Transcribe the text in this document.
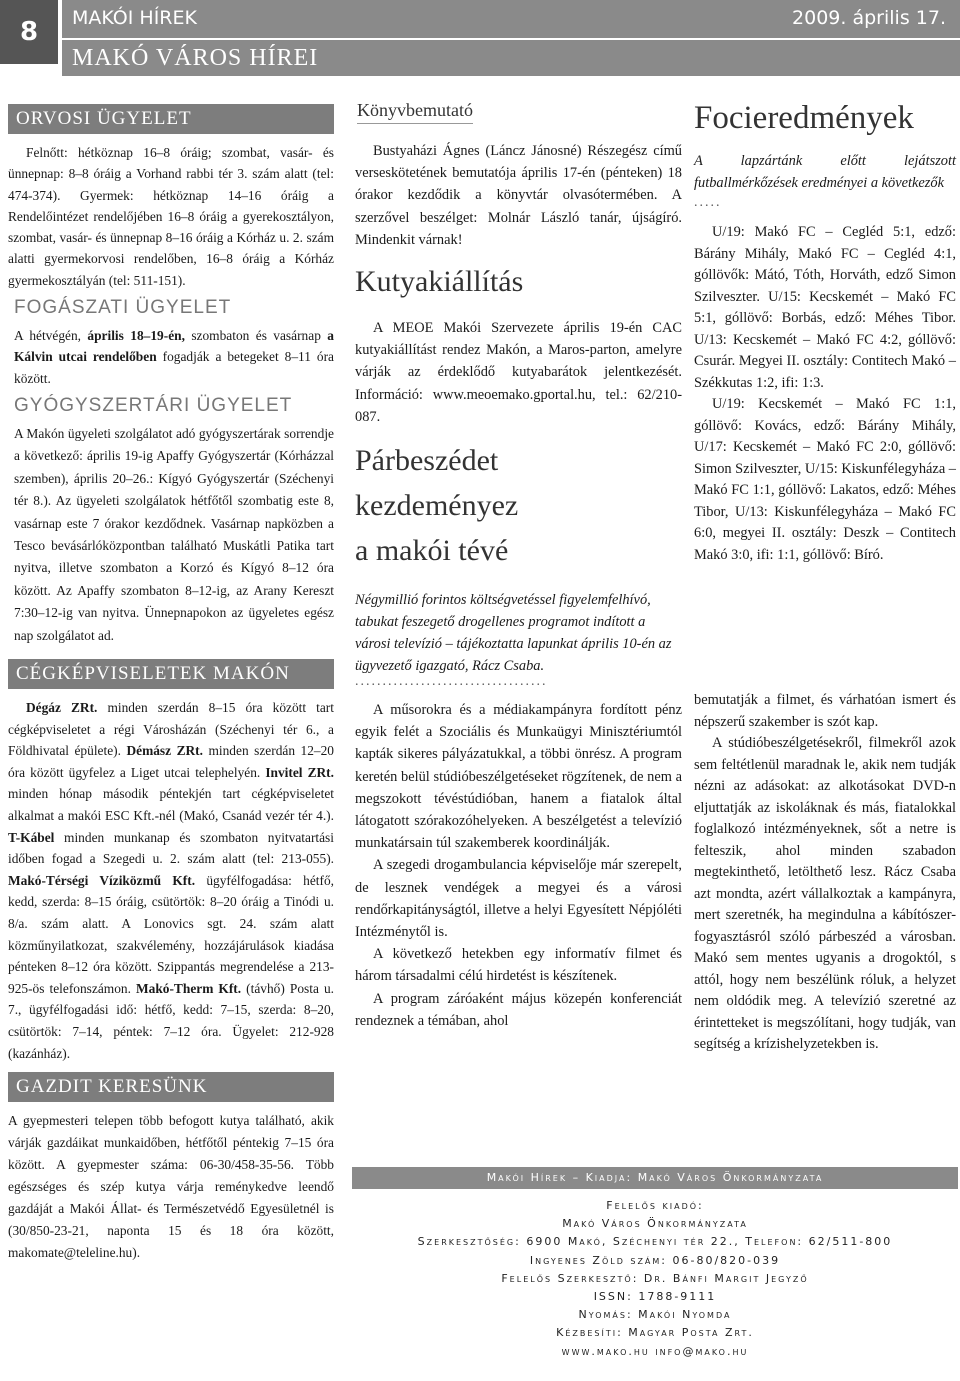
8	MAKÓI HÍREK	2009. április 17.
MAKÓ VÁROS HÍREI
ORVOSI ÜGYELET

Felnőtt: hétköznap 16–8 óráig; szombat, vasár- és ünnepnap: 8–8 óráig a Vorhand rabbi tér 3. szám alatt (tel: 474-374). Gyermek: hétköznap 14–16 óráig a Rendelőintézet rendelőjében 16–8 óráig a gyerekosztályon, szombat, vasár- és ünnepnap 8–16 óráig a Kórház u. 2. szám alatti gyermekorvosi rendelőben, 16–8 óráig a Kórház gyermekosztályán (tel: 511-151).

FOGÁSZATI ÜGYELET

A hétvégén, április 18–19-én, szombaton és vasárnap a Kálvin utcai rendelőben fogadják a betegeket 8–11 óra között.

GYÓGYSZERTÁRI ÜGYELET

A Makón ügyeleti szolgálatot adó gyógyszertárak sorrendje a következő: április 19-ig Apaffy Gyógyszertár (Kórházzal szemben), április 20–26.: Kígyó Gyógyszertár (Széchenyi tér 8.). Az ügyeleti szolgálatok hétfőtől szombatig este 8, vasárnap este 7 órakor kezdődnek. Vasárnap napközben a Tesco bevásárlóközpontban található Muskátli Patika tart nyitva, illetve szombaton a Korzó és Kígyó 8–12 óra között. Az Apaffy szombaton 8–12-ig, az Arany Kereszt 7:30–12-ig van nyitva. Ünnepnapokon az ügyeletes egész nap szolgálatot ad.

CÉGKÉPVISELETEK MAKÓN

Dégáz ZRt. minden szerdán 8–15 óra között tart cégképviseletet a régi Városházán (Széchenyi tér 6., a Földhivatal épülete). Démász ZRt. minden szerdán 12–20 óra között ügyfelez a Liget utcai telephelyén. Invitel ZRt. minden hónap második péntekjén tart cégképviseletet alkalmat a makói ESC Kft.-nél (Makó, Csanád vezér tér 4.). T-Kábel minden munkanap és szombaton nyitvatartási időben fogad a Szegedi u. 2. szám alatt (tel: 213-055). Makó-Térségi Víziközmű Kft. ügyfélfogadása: hétfő, kedd, szerda: 8–15 óráig, csütörtök: 8–20 óráig a Tinódi u. 8/a. szám alatt. A Lonovics sgt. 24. szám alatt közműnyilatkozat, szakvélemény, hozzájárulások kiadása pénteken 8–12 óra között. Szippantás megrendelése a 213-925-ös telefonszámon. Makó-Therm Kft. (távhő) Posta u. 7., ügyfélfogadási idő: hétfő, kedd: 7–15, szerda: 8–20, csütörtök: 7–14, péntek: 7–12 óra. Ügyelet: 212-928 (kazánház).

GAZDIT KERESÜNK

A gyepmesteri telepen több befogott kutya található, akik várják gazdáikat munkaidőben, hétfőtől péntekig 7–15 óra között. A gyepmester száma: 06-30/458-35-56. Több egészséges és szép kutya várja reménykedve leendő gazdáját a Makói Állat- és Természetvédő Egyesületnél is (30/850-23-21, naponta 15 és 18 óra között, makomate@teleline.hu).

Könyvbemutató

Bustyaházi Ágnes (Láncz Jánosné) Részegész című verseskötetének bemutatója április 17-én (pénteken) 18 órakor kezdődik a könyvtár olvasótermében. A szerzővel beszélget: Molnár László tanár, újságíró. Mindenkit várnak!

Kutyakiállítás

A MEOE Makói Szervezete április 19-én CAC kutyakiállítást rendez Makón, a Maros-parton, amelyre várják az érdeklődő kutyabarátok jelentkezését. Információ: www.meoemako.gportal.hu, tel.: 62/210-087.

Párbeszédet
kezdeményez
a makói tévé

Négymillió forintos költségvetéssel figyelemfelhívó, tabukat feszegető drogellenes programot indított a városi televízió – tájékoztatta lapunkat április 10-én az ügyvezető igazgató, Rácz Csaba.

...................................

A műsorokra és a médiakampányra fordított pénz egyik felét a Szociális és Munkaügyi Minisztériumtól kapták sikeres pályázatukkal, a többi önrész. A program keretén belül stúdióbeszélgetéseket rögzítenek, de nem a megszokott tévéstúdióban, hanem a fiatalok által látogatott szórakozóhelyeken. A beszélgetést a televízió munkatársain túl szakemberek koordinálják.

A szegedi drogambulancia képviselője már szerepelt, de lesznek vendégek a megyei és a városi rendőrkapitányságtól, illetve a helyi Egyesített Népjóléti Intézménytől is.

A következő hetekben egy informatív filmet és három társadalmi célú hirdetést is készítenek.

A program záróaként május közepén konferenciát rendeznek a témában, ahol

Focieredmények

A lapzártánk előtt lejátszott futballmérkőzések eredményei a következők

.....

U/19: Makó FC – Cegléd 5:1, edző: Bárány Mihály, Makó FC – Cegléd 4:1, góllövők: Mátó, Tóth, Horváth, edző Simon Szilveszter. U/15: Kecskemét – Makó FC 5:1, góllövő: Borbás, edző: Méhes Tibor. U/13: Kecskemét – Makó FC 4:2, góllövő: Csurár. Megyei II. osztály: Contitech Makó – Székkutas 1:2, ifi: 1:3.

U/19: Kecskemét – Makó FC 1:1, góllövő: Kovács, edző: Bárány Mihály, U/17: Kecskemét – Makó FC 2:0, góllövő: Simon Szilveszter, U/15: Kiskunfélegyháza – Makó FC 1:1, góllövő: Lakatos, edző: Méhes Tibor, U/13: Kiskunfélegyháza – Makó FC 6:0, megyei II. osztály: Deszk – Contitech Makó 3:0, ifi: 1:1, góllövő: Bíró.

bemutatják a filmet, és várhatóan ismert és népszerű szakember is szót kap.

A stúdióbeszélgetésekről, filmekről azok sem feltétlenül maradnak le, akik nem tudják nézni az adásokat: az alkotásokat DVD-n eljuttatják az iskoláknak és más, fiatalokkal foglalkozó intézményeknek, sőt a netre is felteszik, ahol minden szabadon megtekinthető, letölthető lesz. Rácz Csaba azt mondta, azért vállalkoztak a kampányra, mert szeretnék, ha megindulna a kábítószer-fogyasztásról szóló párbeszéd a városban. Makó sem mentes ugyanis a drogoktól, s attól, hogy nem beszélünk róluk, a helyzet nem oldódik meg. A televízió szeretné az érintetteket is megszólítani, hogy tudják, van segítség a krízishelyzetekben is.

Makói Hírek – Kiadja: Makó Város Önkormányzata
Felelős kiadó:
Makó Város Önkormányzata
Szerkesztőség: 6900 Makó, Széchenyi tér 22., Telefon: 62/511-800
Ingyenes Zöld szám: 06-80/820-039
Felelős Szerkesztő: Dr. Bánfi Margit Jegyző
ISSN: 1788-9111
Nyomás: Makói Nyomda
Kézbesíti: Magyar Posta Zrt.
www.mako.hu info@mako.hu
